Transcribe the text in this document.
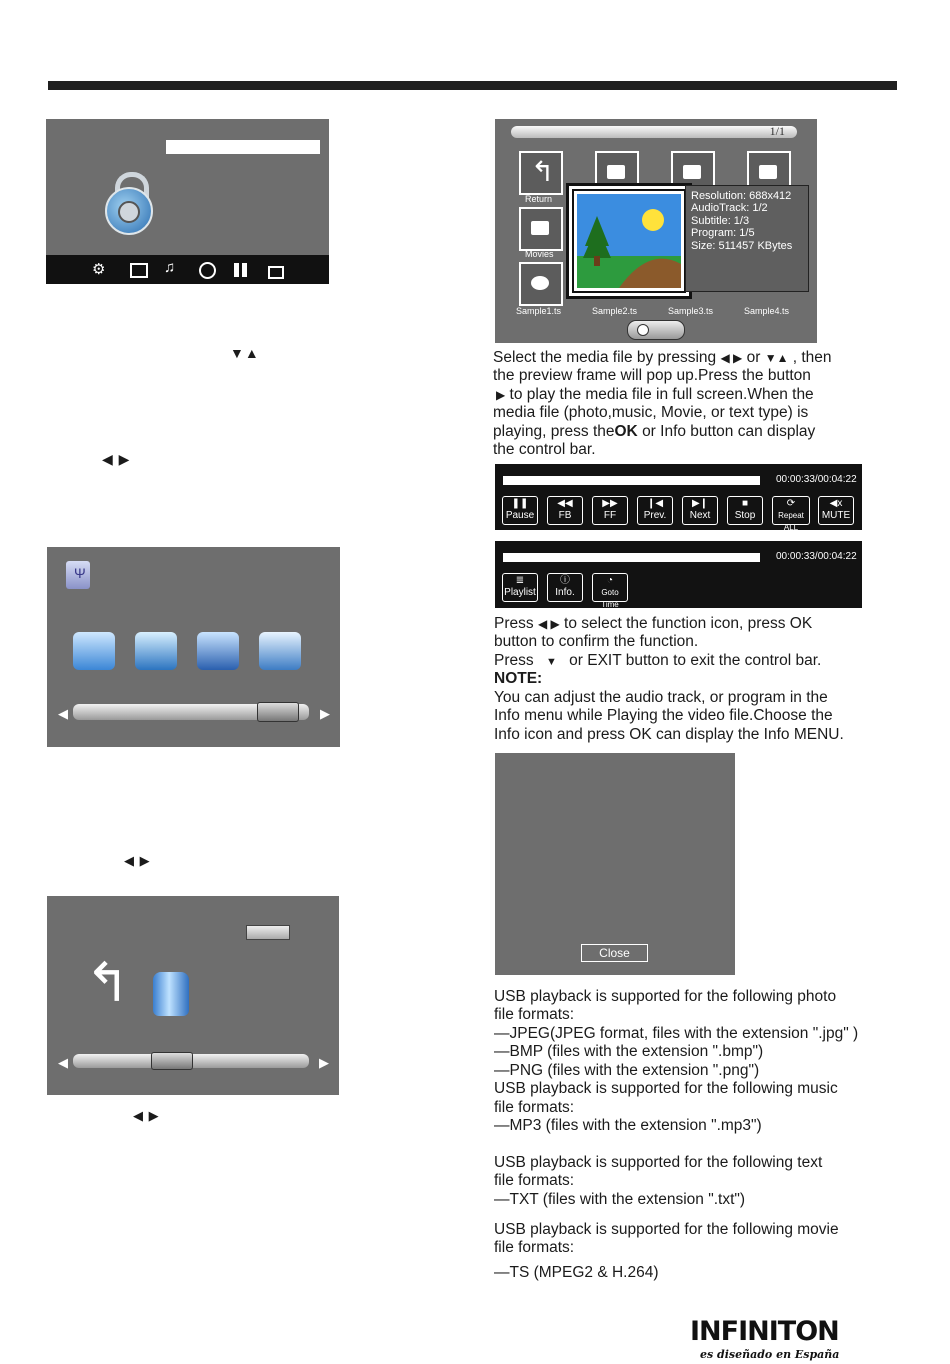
⚙	♫
▼▲
◀ ▶
Ψ
◀	▶
◀ ▶
↰
◀	▶
◀ ▶
1/1
↰
Return
Movies
Sample1.ts	Sample2.ts	Sample3.ts	Sample4.ts
Resolution: 688x412
AudioTrack: 1/2
Subtitle: 1/3
Program: 1/5
Size: 511457 KBytes
Select the media file by pressing ◀ ▶ or ▼▲ , then
the preview frame will pop up.Press the button
▶ to play the media file in full screen.When the
media file (photo,music, Movie, or text type) is
playing, press theOK or Info button can display
the control bar.
00:00:33/00:04:22
❚❚
Pause
◀◀
FB
▶▶
FF
❙◀
Prev.
▶❙
Next
■
Stop
⟳
Repeat ALL
◀x
MUTE
00:00:33/00:04:22
≣
Playlist
ⓘ
Info.
◔
Goto Time
Press ◀ ▶ to select the function icon, press OK
button to confirm the function.
Press ▼ or EXIT button to exit the control bar.
NOTE:
You can adjust the audio track, or program in the
Info menu while Playing the video file.Choose the
Info icon and press OK can display the Info MENU.
Close
USB playback is supported for the following photo
file formats:
—JPEG(JPEG format, files with the extension ".jpg" )
—BMP (files with the extension ".bmp")
—PNG (files with the extension ".png")
USB playback is supported for the following music
file formats:
—MP3 (files with the extension ".mp3")
USB playback is supported for the following text
file formats:
—TXT (files with the extension ".txt")
USB playback is supported for the following movie
file formats:
—TS (MPEG2 & H.264)
INFINITON
es diseñado en España
